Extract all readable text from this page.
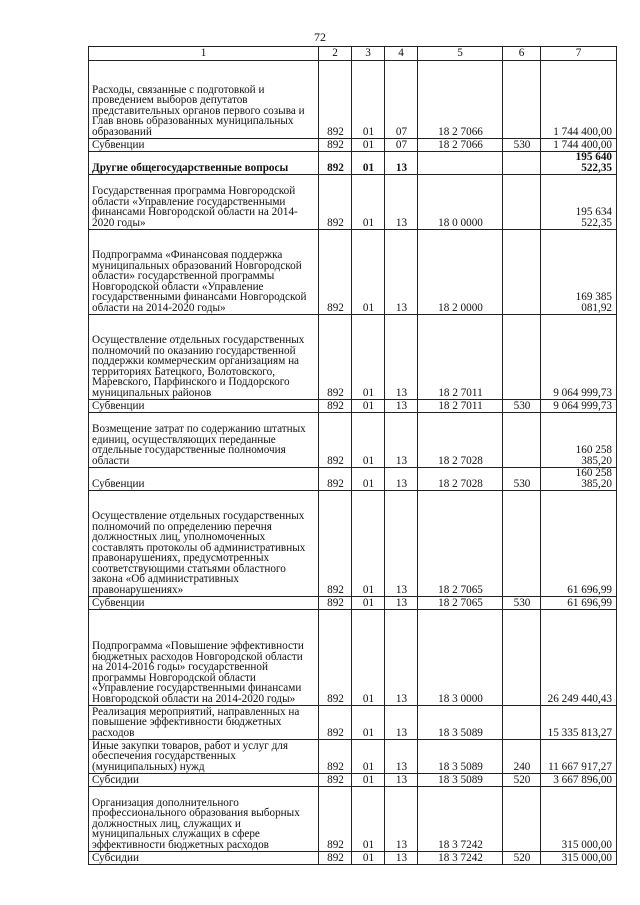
72
1	2	3	4	5	6	7
Расходы, связанные с подготовкой и проведением выборов депутатов представительных органов первого созыва и Глав вновь образованных муниципальных образований	892	01	07	18 2 7066		1 744 400,00
Субвенции	892	01	07	18 2 7066	530	1 744 400,00
Другие общегосударственные вопросы	892	01	13			195 640 522,35
Государственная программа Новгородской области «Управление государственными финансами Новгородской области на 2014-2020 годы»	892	01	13	18 0 0000		195 634 522,35
Подпрограмма «Финансовая поддержка муниципальных образований Новгородской области» государственной программы Новгородской области «Управление государственными финансами Новгородской области на 2014-2020 годы»	892	01	13	18 2 0000		169 385 081,92
Осуществление отдельных государственных полномочий по оказанию государственной поддержки коммерческим организациям на территориях Батецкого, Волотовского, Маревского, Парфинского и Поддорского муниципальных районов	892	01	13	18 2 7011		9 064 999,73
Субвенции	892	01	13	18 2 7011	530	9 064 999,73
Возмещение затрат по содержанию штатных единиц, осуществляющих переданные отдельные государственные полномочия области	892	01	13	18 2 7028		160 258 385,20
Субвенции	892	01	13	18 2 7028	530	160 258 385,20
Осуществление отдельных государственных полномочий по определению перечня должностных лиц, уполномоченных составлять протоколы об административных правонарушениях, предусмотренных соответствующими статьями областного закона «Об административных правонарушениях»	892	01	13	18 2 7065		61 696,99
Субвенции	892	01	13	18 2 7065	530	61 696,99
Подпрограмма «Повышение эффективности бюджетных расходов Новгородской области на 2014-2016 годы» государственной программы Новгородской области «Управление государственными финансами Новгородской области на 2014-2020 годы»	892	01	13	18 3 0000		26 249 440,43
Реализация мероприятий, направленных на повышение эффективности бюджетных расходов	892	01	13	18 3 5089		15 335 813,27
Иные закупки товаров, работ и услуг для обеспечения государственных (муниципальных) нужд	892	01	13	18 3 5089	240	11 667 917,27
Субсидии	892	01	13	18 3 5089	520	3 667 896,00
Организация дополнительного профессионального образования выборных должностных лиц, служащих и муниципальных служащих в сфере эффективности бюджетных расходов	892	01	13	18 3 7242		315 000,00
Субсидии	892	01	13	18 3 7242	520	315 000,00
